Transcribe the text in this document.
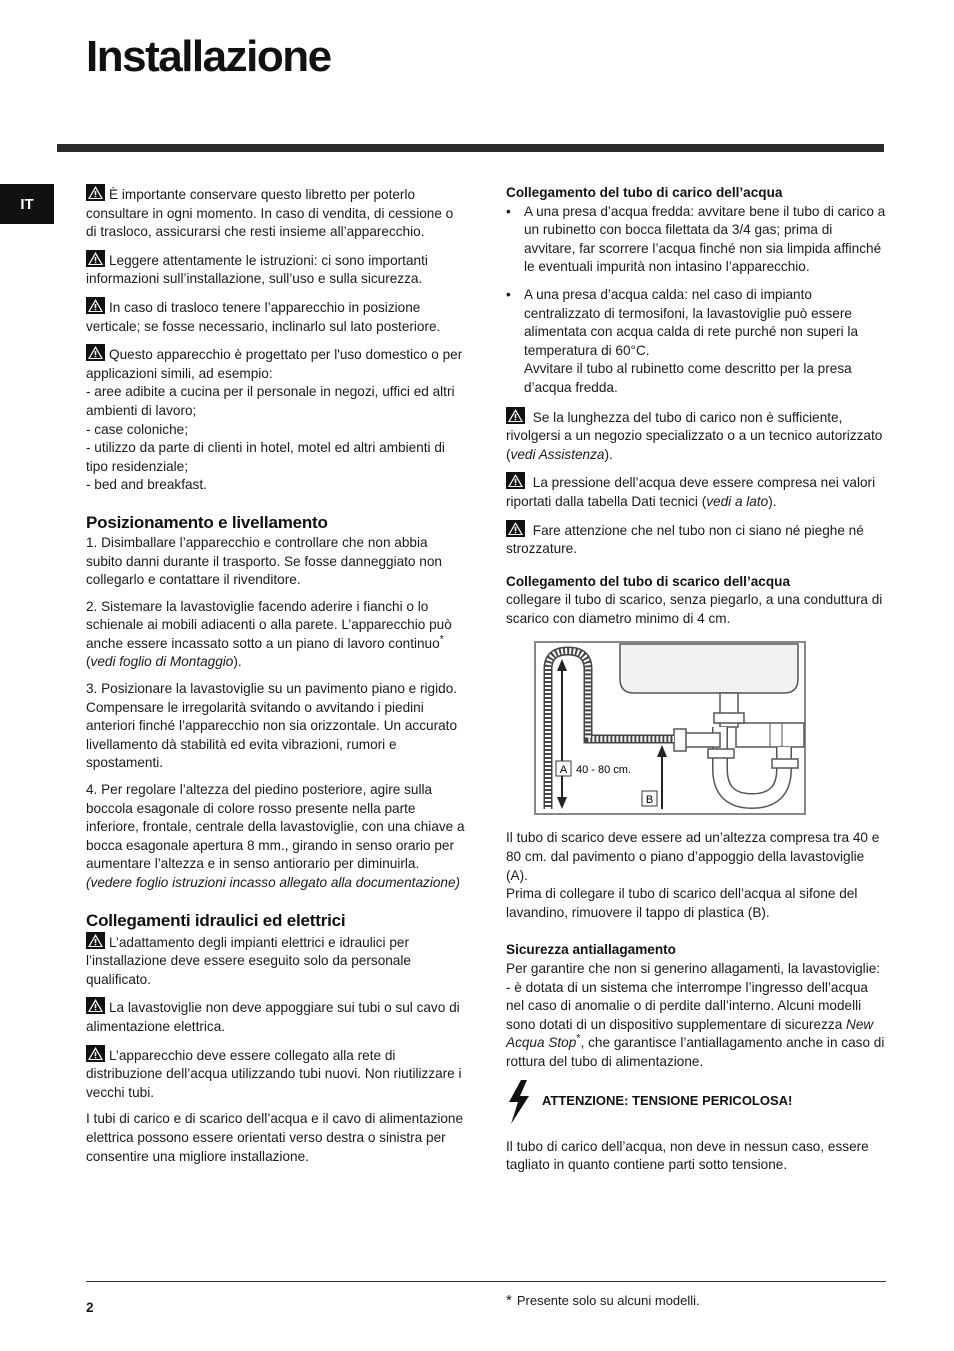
Installazione
IT

È importante conservare questo libretto per poterlo consultare in ogni momento. In caso di vendita, di cessione o di trasloco, assicurarsi che resti insieme all’apparecchio.

Leggere attentamente le istruzioni: ci sono importanti informazioni sull’installazione, sull’uso e sulla sicurezza.

In caso di trasloco tenere l’apparecchio in posizione verticale; se fosse necessario, inclinarlo sul lato posteriore.

Questo apparecchio è progettato per l'uso domestico o per applicazioni simili, ad esempio:
- aree adibite a cucina per il personale in negozi, uffici ed altri ambienti di lavoro;
- case coloniche;
- utilizzo da parte di clienti in hotel, motel ed altri ambienti di tipo residenziale;
- bed and breakfast.

Posizionamento e livellamento

1. Disimballare l’apparecchio e controllare che non abbia subito danni durante il trasporto. Se fosse danneggiato non collegarlo e contattare il rivenditore.

2. Sistemare la lavastoviglie facendo aderire i fianchi o lo schienale ai mobili adiacenti o alla parete. L’apparecchio può anche essere incassato sotto a un piano di lavoro continuo* (vedi foglio di Montaggio).

3. Posizionare la lavastoviglie su un pavimento piano e rigido. Compensare le irregolarità svitando o avvitando i piedini anteriori finché l’apparecchio non sia orizzontale. Un accurato livellamento dà stabilità ed evita vibrazioni, rumori e spostamenti.

4. Per regolare l’altezza del piedino posteriore, agire sulla boccola esagonale di colore rosso presente nella parte inferiore, frontale, centrale della lavastoviglie, con una chiave a bocca esagonale apertura 8 mm., girando in senso orario per aumentare l’altezza e in senso antiorario per diminuirla. (vedere foglio istruzioni incasso allegato alla documentazione)

Collegamenti idraulici ed elettrici

L’adattamento degli impianti elettrici e idraulici per l’installazione deve essere eseguito solo da personale qualificato.

La lavastoviglie non deve appoggiare sui tubi o sul cavo di alimentazione elettrica.

L’apparecchio deve essere collegato alla rete di distribuzione dell’acqua utilizzando tubi nuovi. Non riutilizzare i vecchi tubi.

I tubi di carico e di scarico dell’acqua e il cavo di alimentazione elettrica possono essere orientati verso destra o sinistra per consentire una migliore installazione.

Collegamento del tubo di carico dell’acqua

• A una presa d’acqua fredda: avvitare bene il tubo di carico a un rubinetto con bocca filettata da 3/4 gas; prima di avvitare, far scorrere l’acqua finché non sia limpida affinché le eventuali impurità non intasino l’apparecchio.

• A una presa d’acqua calda: nel caso di impianto centralizzato di termosifoni, la lavastoviglie può essere alimentata con acqua calda di rete purché non superi la temperatura di 60°C.
Avvitare il tubo al rubinetto come descritto per la presa d’acqua fredda.

Se la lunghezza del tubo di carico non è sufficiente, rivolgersi a un negozio specializzato o a un tecnico autorizzato (vedi Assistenza).

La pressione dell’acqua deve essere compresa nei valori riportati dalla tabella Dati tecnici (vedi a lato).

Fare attenzione che nel tubo non ci siano né pieghe né strozzature.

Collegamento del tubo di scarico dell’acqua

collegare il tubo di scarico, senza piegarlo, a una conduttura di scarico con diametro minimo di 4 cm.

A 40 - 80 cm.
B

Il tubo di scarico deve essere ad un’altezza compresa tra 40 e 80 cm. dal pavimento o piano d’appoggio della lavastoviglie (A).

Prima di collegare il tubo di scarico dell’acqua al sifone del lavandino, rimuovere il tappo di plastica (B).

Sicurezza antiallagamento

Per garantire che non si generino allagamenti, la lavastoviglie:

- è dotata di un sistema che interrompe l’ingresso dell’acqua nel caso di anomalie o di perdite dall’interno. Alcuni modelli sono dotati di un dispositivo supplementare di sicurezza New Acqua Stop*, che garantisce l’antiallagamento anche in caso di rottura del tubo di alimentazione.

ATTENZIONE: TENSIONE PERICOLOSA!

Il tubo di carico dell’acqua, non deve in nessun caso, essere tagliato in quanto contiene parti sotto tensione.

2	* Presente solo su alcuni modelli.
